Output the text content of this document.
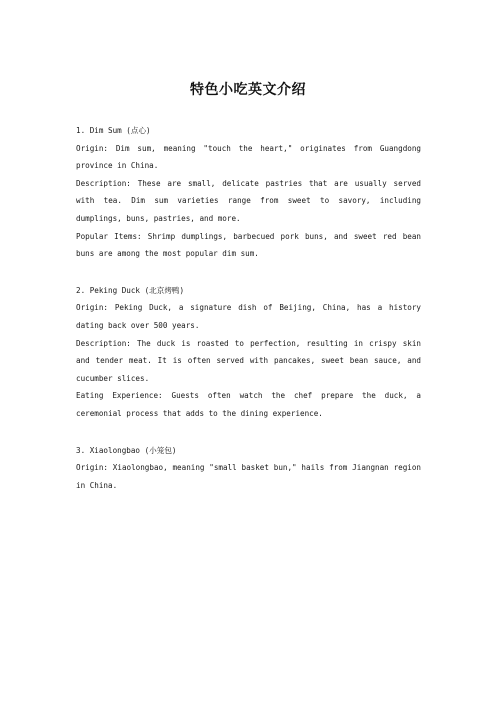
特色小吃英文介绍

1. Dim Sum (点心)

Origin: Dim sum, meaning "touch the heart," originates from Guangdong province in China.

Description: These are small, delicate pastries that are usually served with tea. Dim sum varieties range from sweet to savory, including dumplings, buns, pastries, and more.

Popular Items: Shrimp dumplings, barbecued pork buns, and sweet red bean buns are among the most popular dim sum.

2. Peking Duck (北京烤鸭)

Origin: Peking Duck, a signature dish of Beijing, China, has a history dating back over 500 years.

Description: The duck is roasted to perfection, resulting in crispy skin and tender meat. It is often served with pancakes, sweet bean sauce, and cucumber slices.

Eating Experience: Guests often watch the chef prepare the duck, a ceremonial process that adds to the dining experience.

3. Xiaolongbao (小笼包)

Origin: Xiaolongbao, meaning "small basket bun," hails from Jiangnan region in China.
